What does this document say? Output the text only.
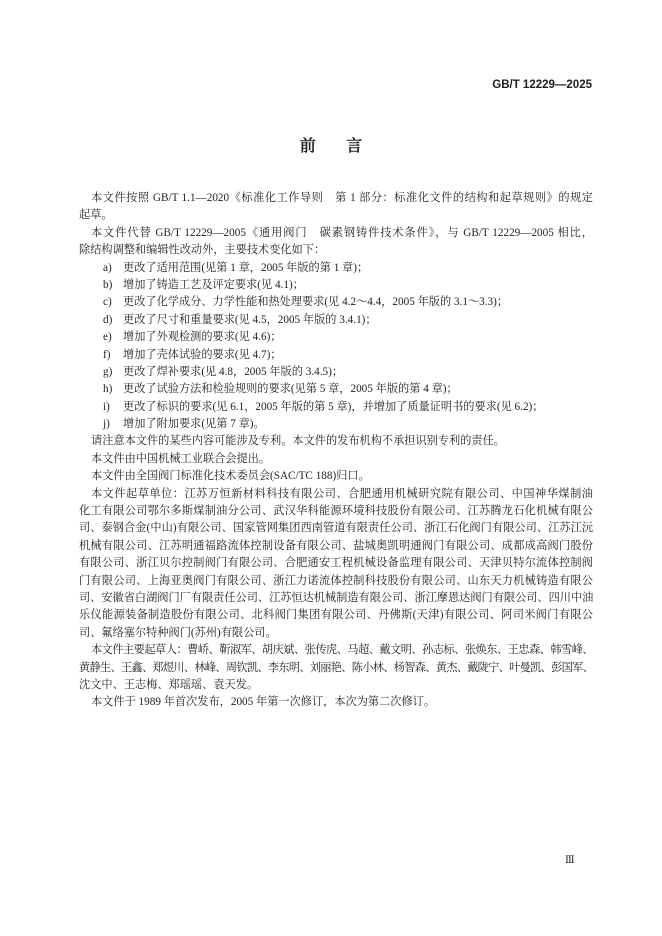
GB/T 12229—2025
前言
本文件按照 GB/T 1.1—2020《标准化工作导则　第 1 部分：标准化文件的结构和起草规则》的规定
起草。
本文件代替 GB/T 12229—2005《通用阀门　碳素钢铸件技术条件》，与 GB/T 12229—2005 相比，
除结构调整和编辑性改动外，主要技术变化如下：
a) 更改了适用范围(见第 1 章，2005 年版的第 1 章)；
b) 增加了铸造工艺及评定要求(见 4.1)；
c) 更改了化学成分、力学性能和热处理要求(见 4.2～4.4，2005 年版的 3.1～3.3)；
d) 更改了尺寸和重量要求(见 4.5，2005 年版的 3.4.1)；
e) 增加了外观检测的要求(见 4.6)；
f) 增加了壳体试验的要求(见 4.7)；
g) 更改了焊补要求(见 4.8，2005 年版的 3.4.5)；
h) 更改了试验方法和检验规则的要求(见第 5 章，2005 年版的第 4 章)；
i) 更改了标识的要求(见 6.1，2005 年版的第 5 章)，并增加了质量证明书的要求(见 6.2)；
j) 增加了附加要求(见第 7 章)。
请注意本文件的某些内容可能涉及专利。本文件的发布机构不承担识别专利的责任。
本文件由中国机械工业联合会提出。
本文件由全国阀门标准化技术委员会(SAC/TC 188)归口。
本文件起草单位：江苏万恒新材料科技有限公司、合肥通用机械研究院有限公司、中国神华煤制油
化工有限公司鄂尔多斯煤制油分公司、武汉华科能源环境科技股份有限公司、江苏腾龙石化机械有限公
司、泰钢合金(中山)有限公司、国家管网集团西南管道有限责任公司、浙江石化阀门有限公司、江苏江沅
机械有限公司、江苏明通福路流体控制设备有限公司、盐城奥凯明通阀门有限公司、成都成高阀门股份
有限公司、浙江贝尔控制阀门有限公司、合肥通安工程机械设备监理有限公司、天津贝特尔流体控制阀
门有限公司、上海亚奥阀门有限公司、浙江力诺流体控制科技股份有限公司、山东天力机械铸造有限公
司、安徽省白湖阀门厂有限责任公司、江苏恒达机械制造有限公司、浙江摩恩达阀门有限公司、四川中油
乐仪能源装备制造股份有限公司、北科阀门集团有限公司、丹佛斯(天津)有限公司、阿司米阀门有限公
司、氟络塞尔特种阀门(苏州)有限公司。
本文件主要起草人：曹峤、靳淑军、胡庆斌、张传虎、马超、戴文明、孙志标、张焕东、王忠森、韩雪峰、
黄静生、王鑫、郑煜川、林峰、周钦凯、李东明、刘丽艳、陈小林、杨智森、黄杰、戴陇宁、叶曼凯、彭国军、
沈文中、王志梅、郑瑶瑶、袁天发。
本文件于 1989 年首次发布，2005 年第一次修订，本次为第二次修订。
Ⅲ
